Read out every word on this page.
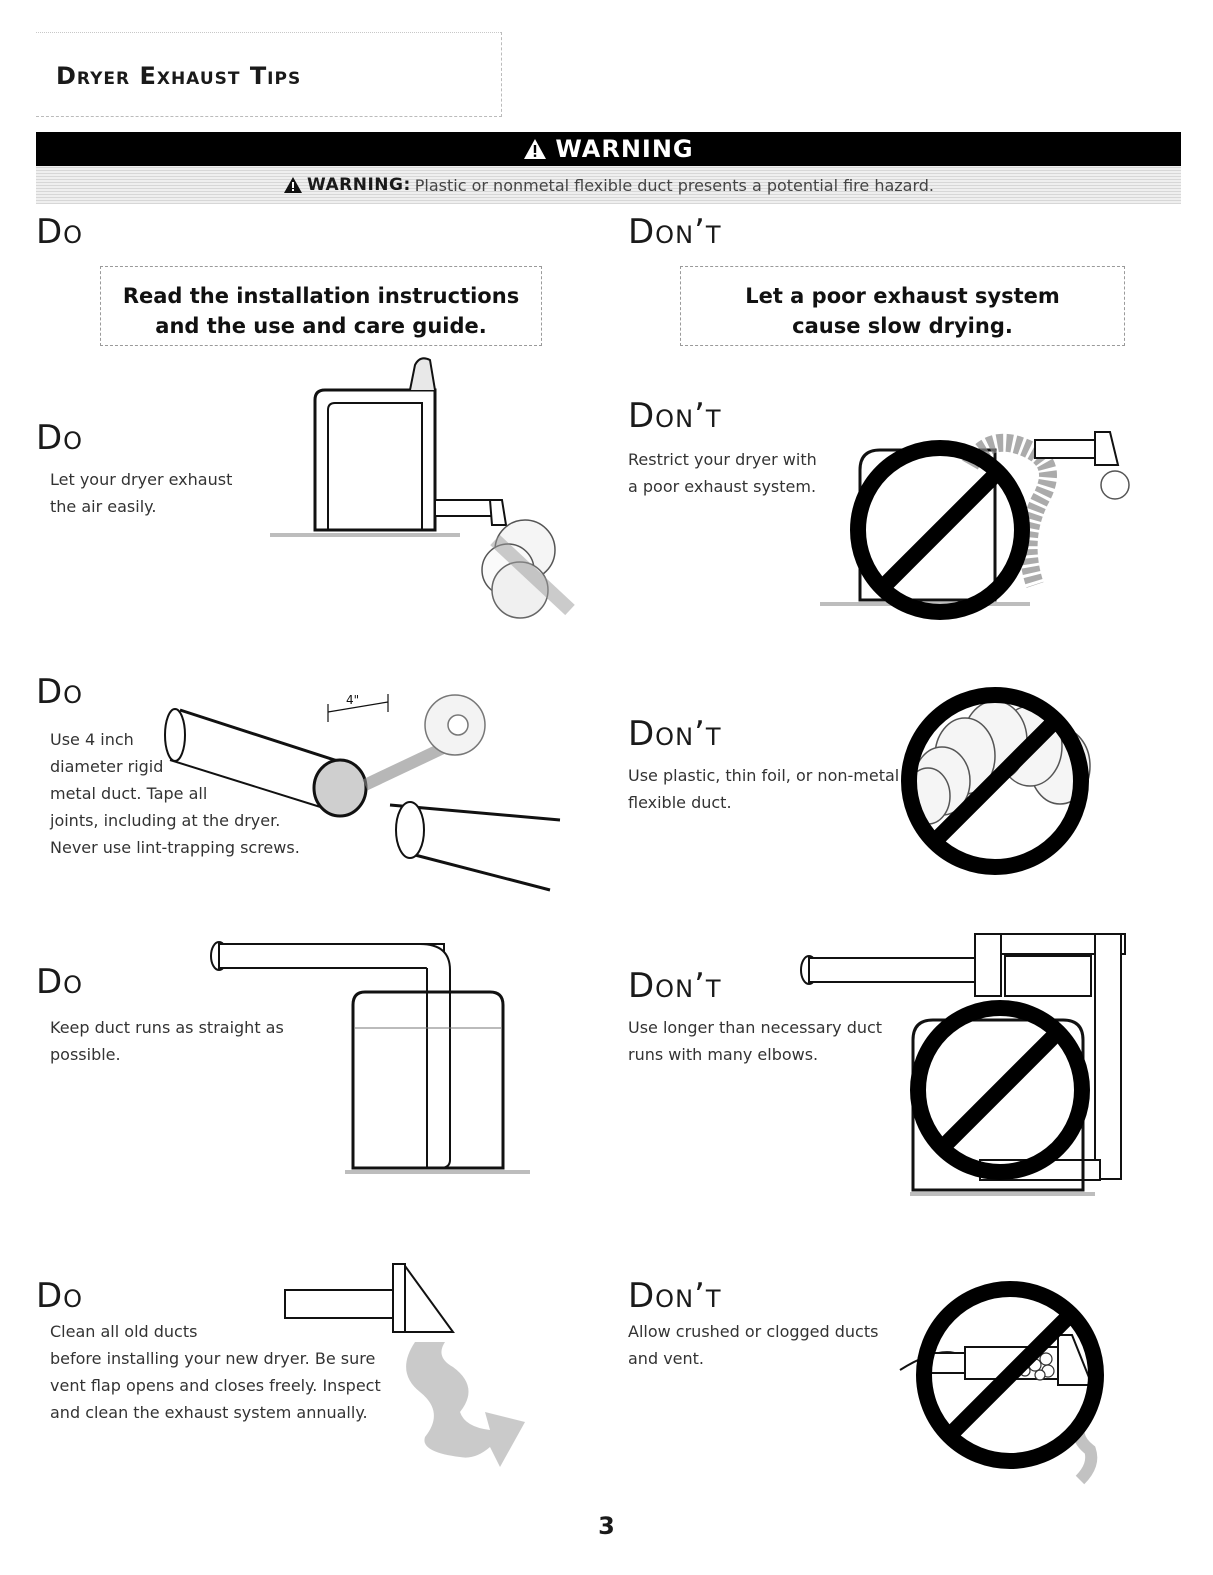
Dryer Exhaust Tips
WARNING
WARNING: Plastic or nonmetal flexible duct presents a potential fire hazard.
Do	Don’t
Read the installation instructions
and the use and care guide.
Let a poor exhaust system
cause slow drying.
Do
Let your dryer exhaust
the air easily.
Do
Use 4 inch
diameter rigid
metal duct. Tape all
joints, including at the dryer.
Never use lint-trapping screws.
4"
Do
Keep duct runs as straight as
possible.
Do
Clean all old ducts
before installing your new dryer. Be sure
vent flap opens and closes freely. Inspect
and clean the exhaust system annually.
Don’t
Restrict your dryer with
a poor exhaust system.
Don’t
Use plastic, thin foil, or non-metal
flexible duct.
Don’t
Use longer than necessary duct
runs with many elbows.
Don’t
Allow crushed or clogged ducts
and vent.
3
